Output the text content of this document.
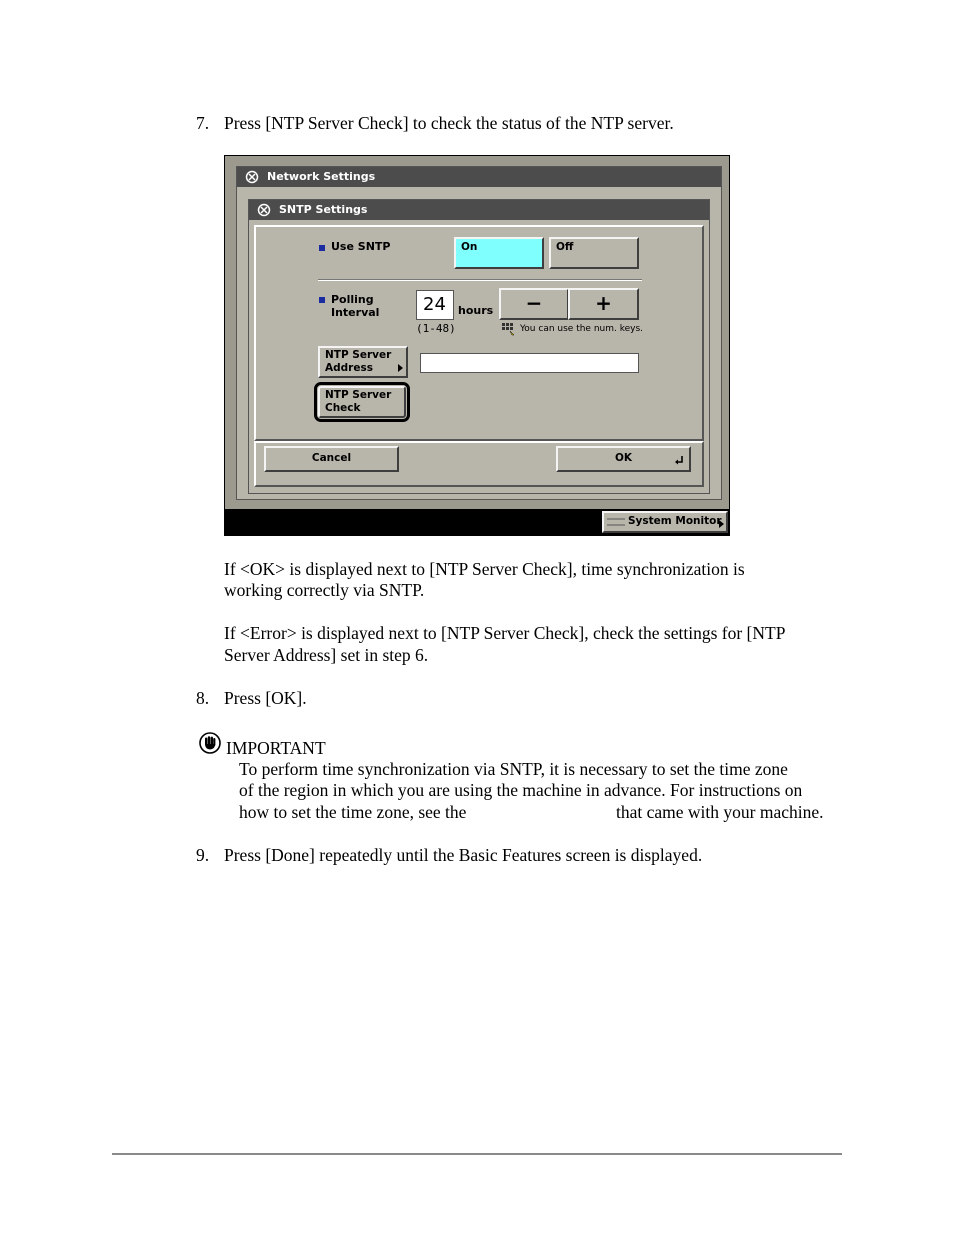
7. Press [NTP Server Check] to check the status of the NTP server.
Network Settings
SNTP Settings
Use SNTP	On	Off
Polling
Interval	24	hours
(1-48)
−	+
You can use the num. keys.
NTP Server
Address
NTP Server
Check
Cancel	OK
System Monitor
If <OK> is displayed next to [NTP Server Check], time synchronization is
working correctly via SNTP.
If <Error> is displayed next to [NTP Server Check], check the settings for [NTP
Server Address] set in step 6.
8. Press [OK].
IMPORTANT
To perform time synchronization via SNTP, it is necessary to set the time zone
of the region in which you are using the machine in advance. For instructions on
how to set the time zone, see the	that came with your machine.
9. Press [Done] repeatedly until the Basic Features screen is displayed.
